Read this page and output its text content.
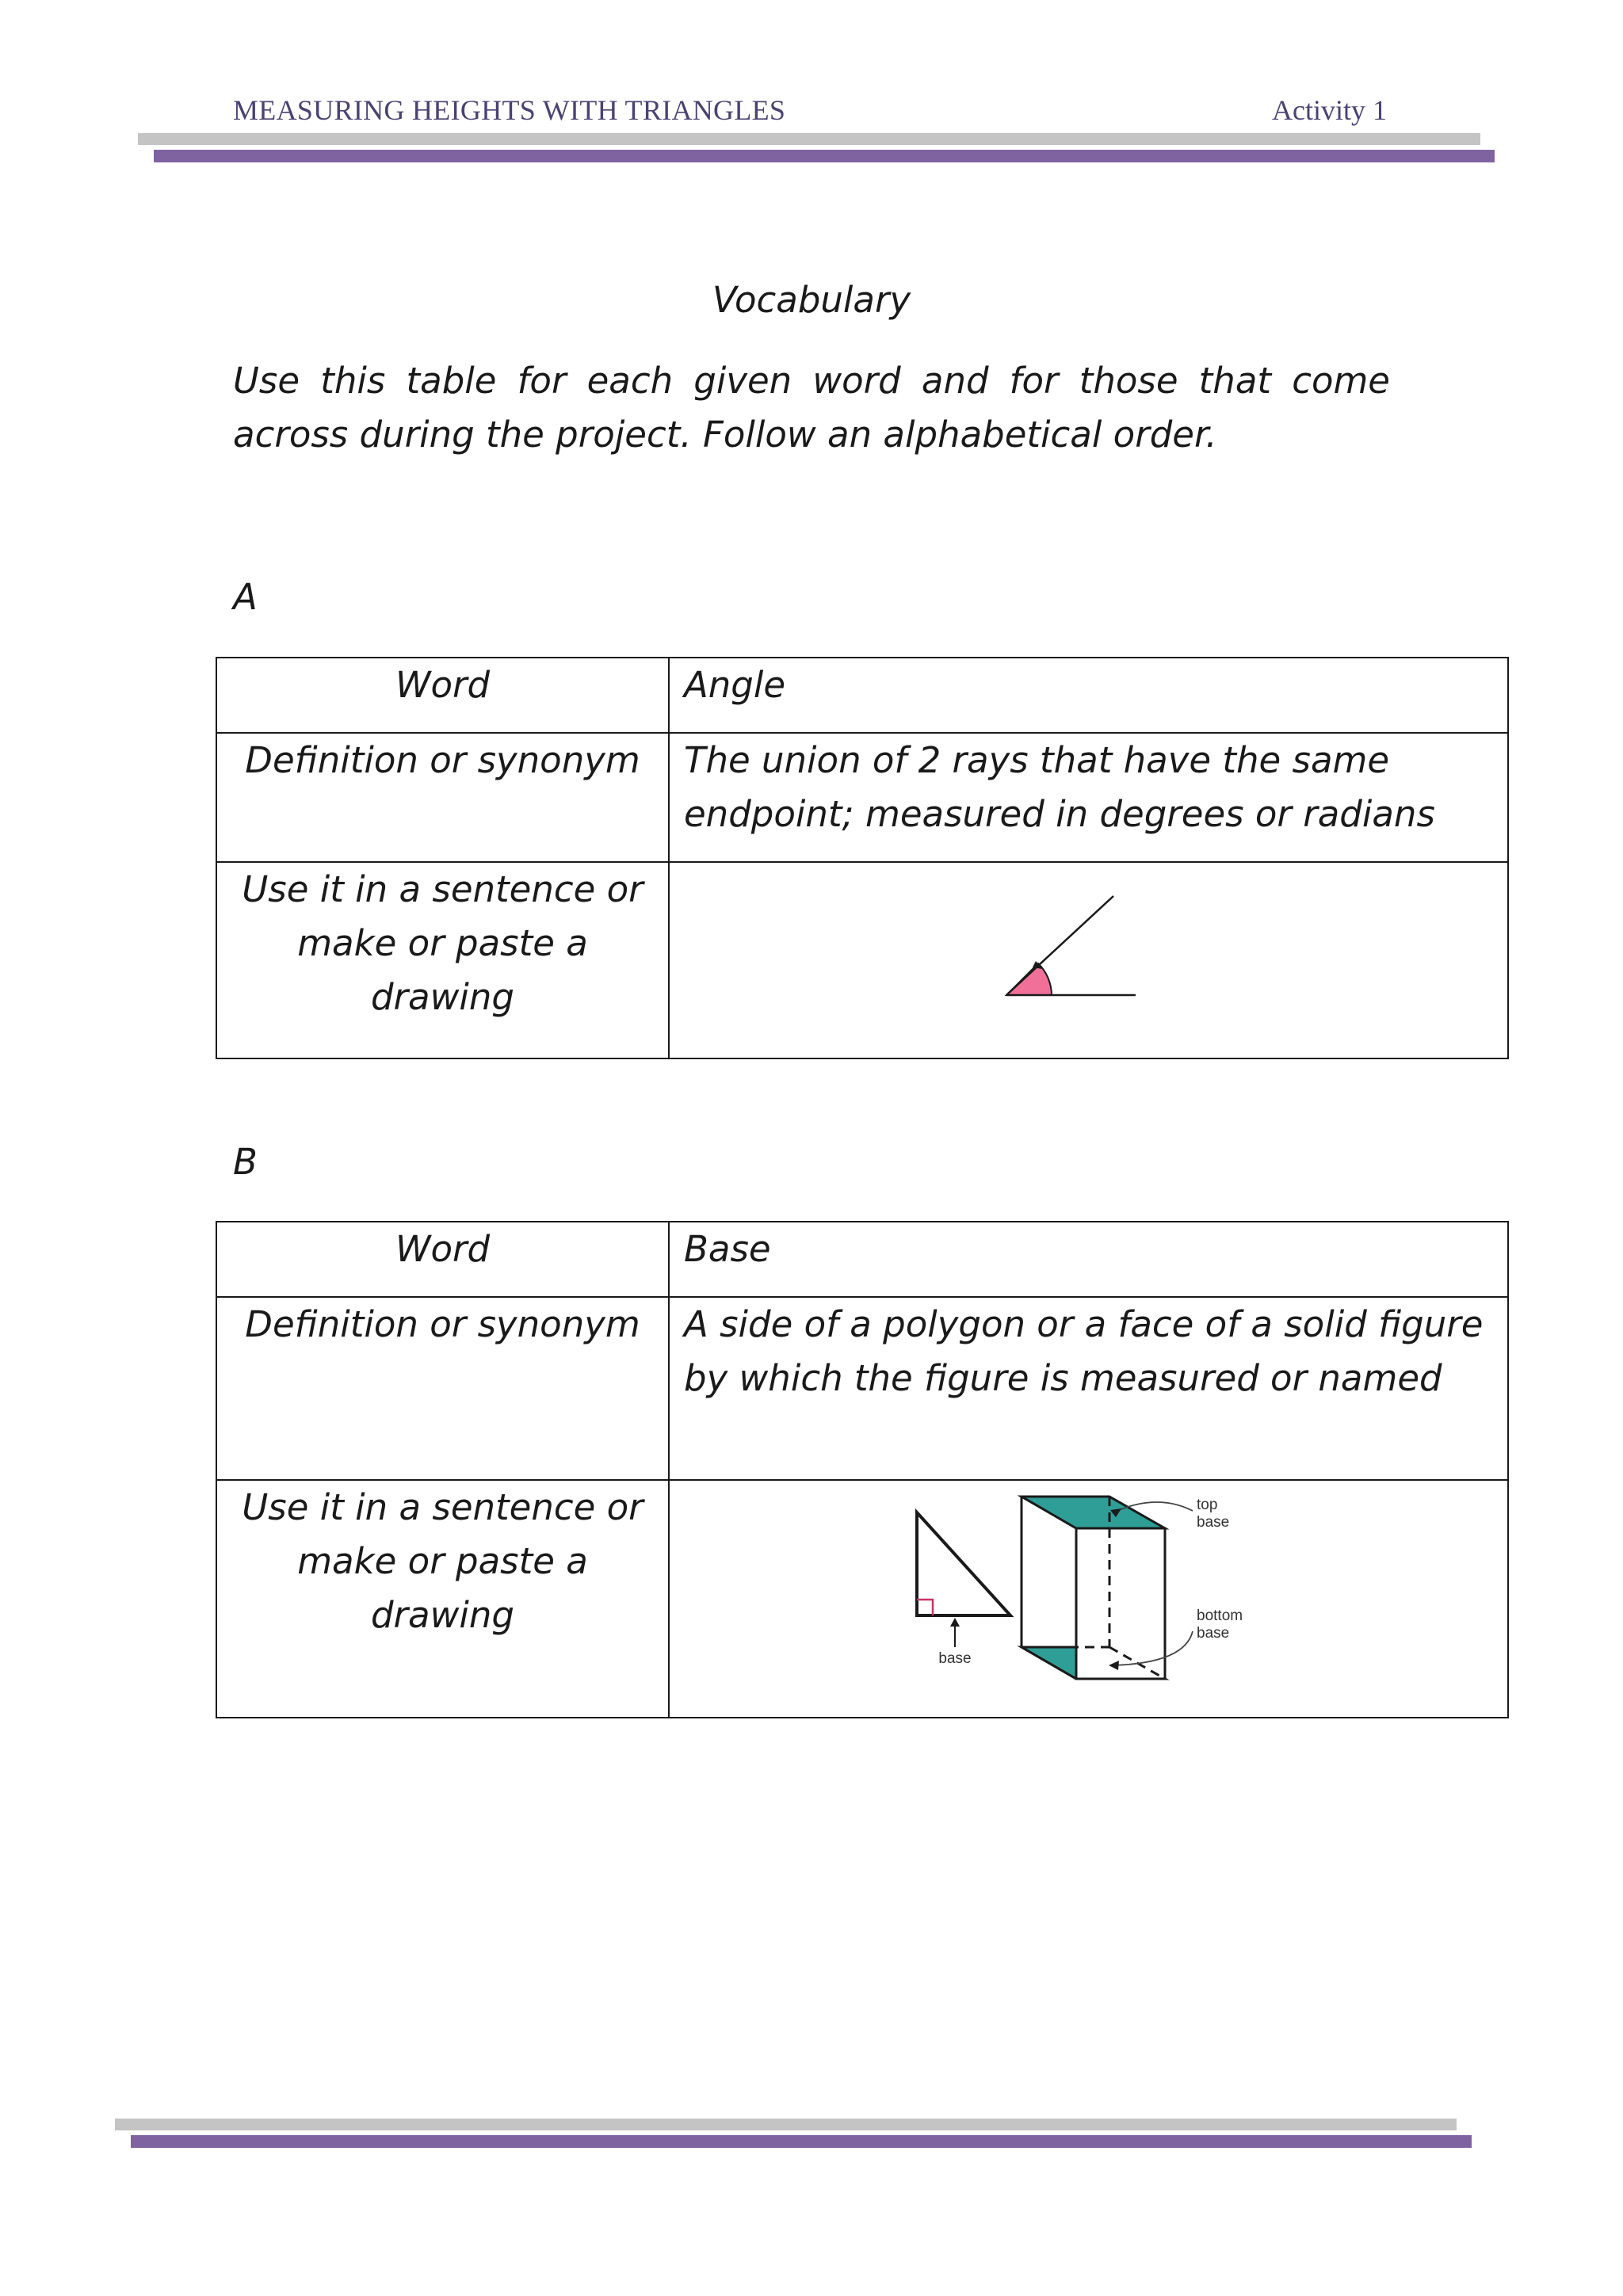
MEASURING HEIGHTS WITH TRIANGLES	Activity 1
Vocabulary
Use this table for each given word and for those that come across during the project. Follow an alphabetical order.
A
Word	Angle
Definition or synonym	The union of 2 rays that have the same endpoint; measured in degrees or radians
Use it in a sentence or make or paste a drawing	
B
Word	Base
Definition or synonym	A side of a polygon or a face of a solid figure by which the figure is measured or named
Use it in a sentence or make or paste a drawing	base
top base
bottom base
